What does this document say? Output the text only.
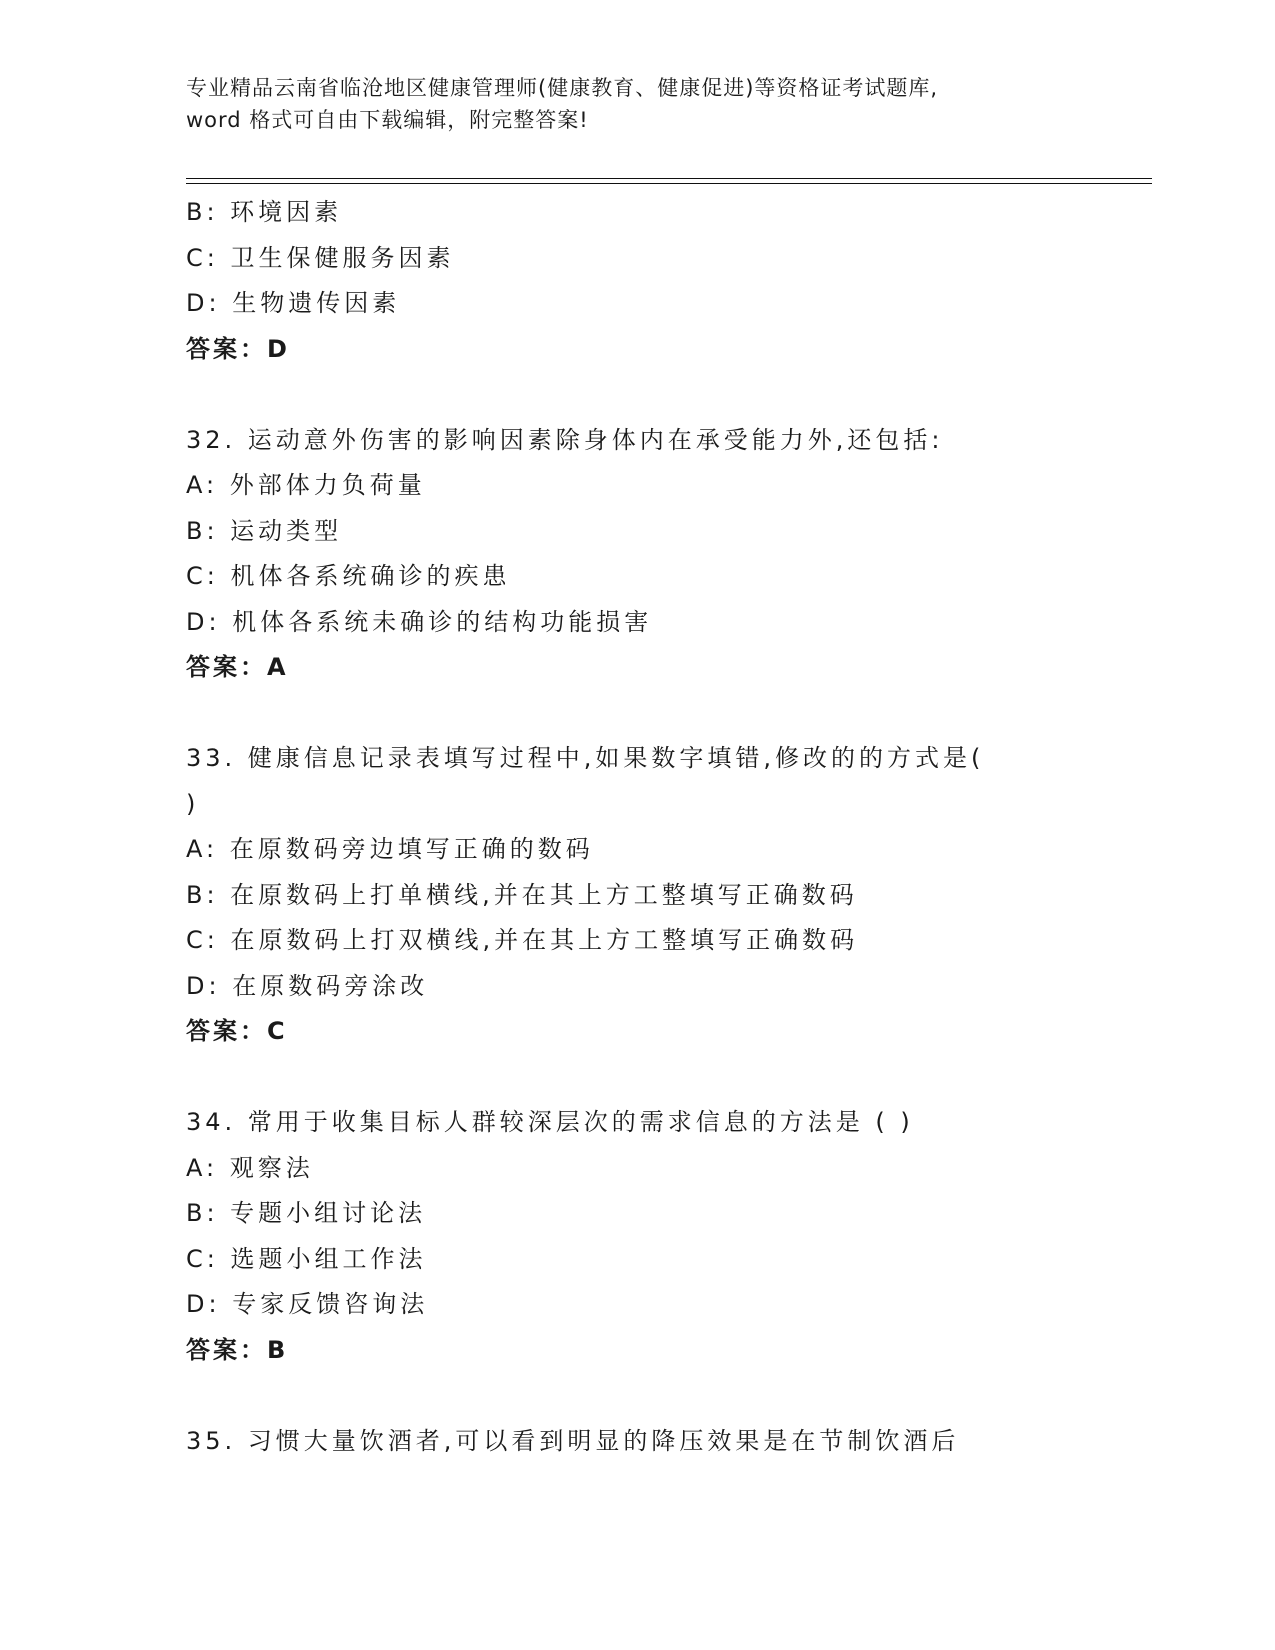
专业精品云南省临沧地区健康管理师(健康教育、健康促进)等资格证考试题库,
word 格式可自由下载编辑，附完整答案!
B: 环境因素
C: 卫生保健服务因素
D: 生物遗传因素
答案：D
32. 运动意外伤害的影响因素除身体内在承受能力外,还包括:
A: 外部体力负荷量
B: 运动类型
C: 机体各系统确诊的疾患
D: 机体各系统未确诊的结构功能损害
答案：A
33. 健康信息记录表填写过程中,如果数字填错,修改的的方式是(
)
A: 在原数码旁边填写正确的数码
B: 在原数码上打单横线,并在其上方工整填写正确数码
C: 在原数码上打双横线,并在其上方工整填写正确数码
D: 在原数码旁涂改
答案：C
34. 常用于收集目标人群较深层次的需求信息的方法是 ( )
A: 观察法
B: 专题小组讨论法
C: 选题小组工作法
D: 专家反馈咨询法
答案：B
35. 习惯大量饮酒者,可以看到明显的降压效果是在节制饮酒后
